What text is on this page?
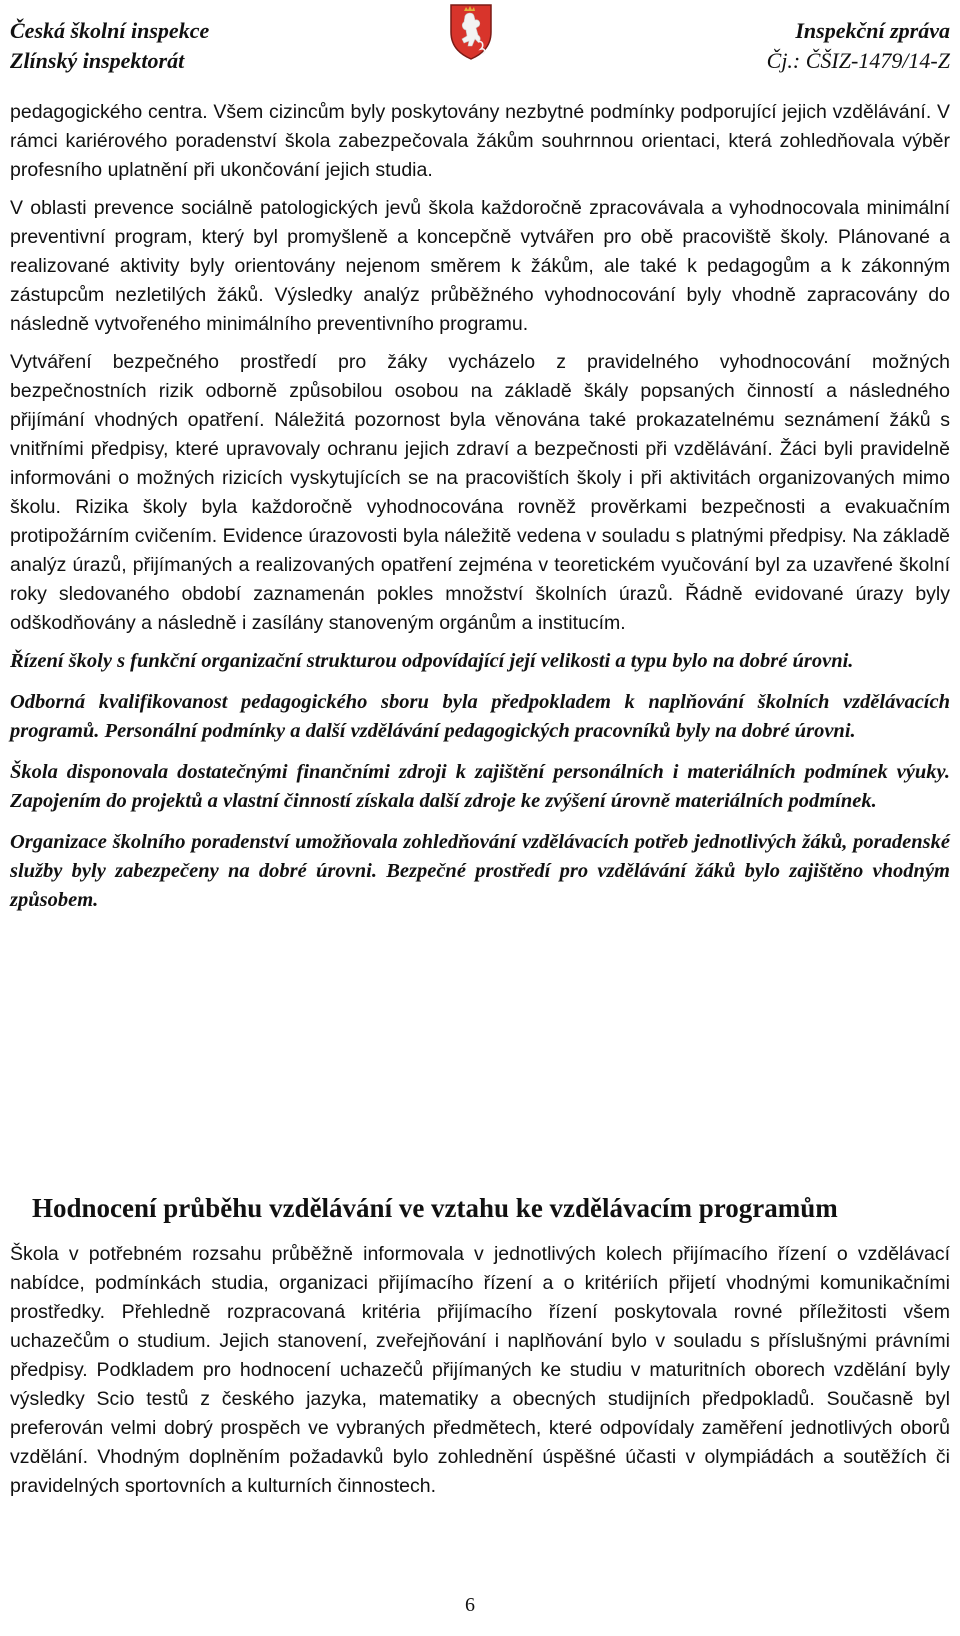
Česká školní inspekce
Zlínský inspektorát
Inspekční zpráva
Čj.: ČŠIZ-1479/14-Z

pedagogického centra. Všem cizincům byly poskytovány nezbytné podmínky podporující jejich vzdělávání. V rámci kariérového poradenství škola zabezpečovala žákům souhrnnou orientaci, která zohledňovala výběr profesního uplatnění při ukončování jejich studia.

V oblasti prevence sociálně patologických jevů škola každoročně zpracovávala a vyhodnocovala minimální preventivní program, který byl promyšleně a koncepčně vytvářen pro obě pracoviště školy. Plánované a realizované aktivity byly orientovány nejenom směrem k žákům, ale také k pedagogům a k zákonným zástupcům nezletilých žáků. Výsledky analýz průběžného vyhodnocování byly vhodně zapracovány do následně vytvořeného minimálního preventivního programu.

Vytváření bezpečného prostředí pro žáky vycházelo z pravidelného vyhodnocování možných bezpečnostních rizik odborně způsobilou osobou na základě škály popsaných činností a následného přijímání vhodných opatření. Náležitá pozornost byla věnována také prokazatelnému seznámení žáků s vnitřními předpisy, které upravovaly ochranu jejich zdraví a bezpečnosti při vzdělávání. Žáci byli pravidelně informováni o možných rizicích vyskytujících se na pracovištích školy i při aktivitách organizovaných mimo školu. Rizika školy byla každoročně vyhodnocována rovněž prověrkami bezpečnosti a evakuačním protipožárním cvičením. Evidence úrazovosti byla náležitě vedena v souladu s platnými předpisy. Na základě analýz úrazů, přijímaných a realizovaných opatření zejména v teoretickém vyučování byl za uzavřené školní roky sledovaného období zaznamenán pokles množství školních úrazů. Řádně evidované úrazy byly odškodňovány a následně i zasílány stanoveným orgánům a institucím.

Řízení školy s funkční organizační strukturou odpovídající její velikosti a typu bylo na dobré úrovni.

Odborná kvalifikovanost pedagogického sboru byla předpokladem k naplňování školních vzdělávacích programů. Personální podmínky a další vzdělávání pedagogických pracovníků byly na dobré úrovni.

Škola disponovala dostatečnými finančními zdroji k zajištění personálních i materiálních podmínek výuky. Zapojením do projektů a vlastní činností získala další zdroje ke zvýšení úrovně materiálních podmínek.

Organizace školního poradenství umožňovala zohledňování vzdělávacích potřeb jednotlivých žáků, poradenské služby byly zabezpečeny na dobré úrovni. Bezpečné prostředí pro vzdělávání žáků bylo zajištěno vhodným způsobem.

Hodnocení průběhu vzdělávání ve vztahu ke vzdělávacím programům

Škola v potřebném rozsahu průběžně informovala v jednotlivých kolech přijímacího řízení o vzdělávací nabídce, podmínkách studia, organizaci přijímacího řízení a o kritériích přijetí vhodnými komunikačními prostředky. Přehledně rozpracovaná kritéria přijímacího řízení poskytovala rovné příležitosti všem uchazečům o studium. Jejich stanovení, zveřejňování i naplňování bylo v souladu s příslušnými právními předpisy. Podkladem pro hodnocení uchazečů přijímaných ke studiu v maturitních oborech vzdělání byly výsledky Scio testů z českého jazyka, matematiky a obecných studijních předpokladů. Současně byl preferován velmi dobrý prospěch ve vybraných předmětech, které odpovídaly zaměření jednotlivých oborů vzdělání. Vhodným doplněním požadavků bylo zohlednění úspěšné účasti v olympiádách a soutěžích či pravidelných sportovních a kulturních činnostech.

6
